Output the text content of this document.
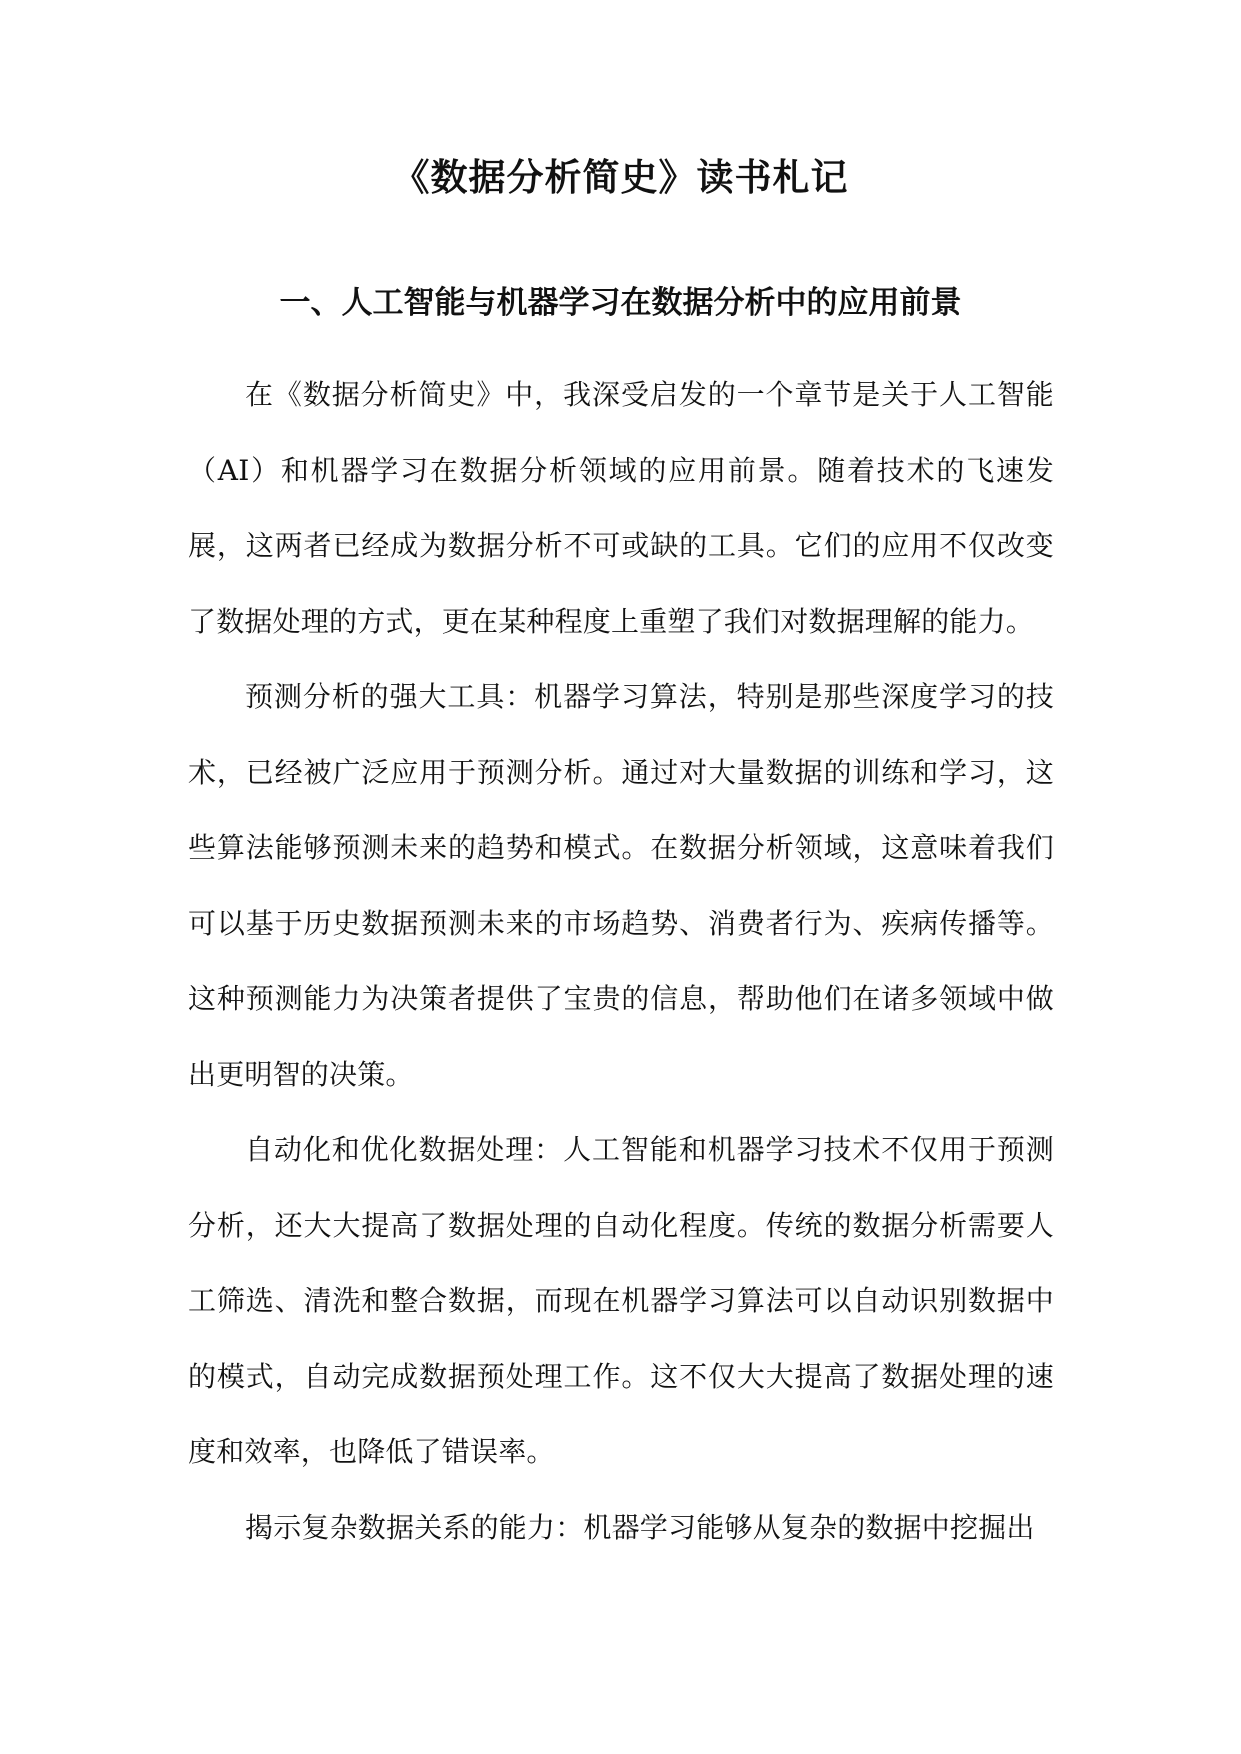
《数据分析简史》读书札记
一、人工智能与机器学习在数据分析中的应用前景

在《数据分析简史》中，我深受启发的一个章节是关于人工智能（AI）和机器学习在数据分析领域的应用前景。随着技术的飞速发展，这两者已经成为数据分析不可或缺的工具。它们的应用不仅改变了数据处理的方式，更在某种程度上重塑了我们对数据理解的能力。

预测分析的强大工具：机器学习算法，特别是那些深度学习的技术，已经被广泛应用于预测分析。通过对大量数据的训练和学习，这些算法能够预测未来的趋势和模式。在数据分析领域，这意味着我们可以基于历史数据预测未来的市场趋势、消费者行为、疾病传播等。这种预测能力为决策者提供了宝贵的信息，帮助他们在诸多领域中做出更明智的决策。

自动化和优化数据处理：人工智能和机器学习技术不仅用于预测分析，还大大提高了数据处理的自动化程度。传统的数据分析需要人工筛选、清洗和整合数据，而现在机器学习算法可以自动识别数据中的模式，自动完成数据预处理工作。这不仅大大提高了数据处理的速度和效率，也降低了错误率。

揭示复杂数据关系的能力：机器学习能够从复杂的数据中挖掘出
